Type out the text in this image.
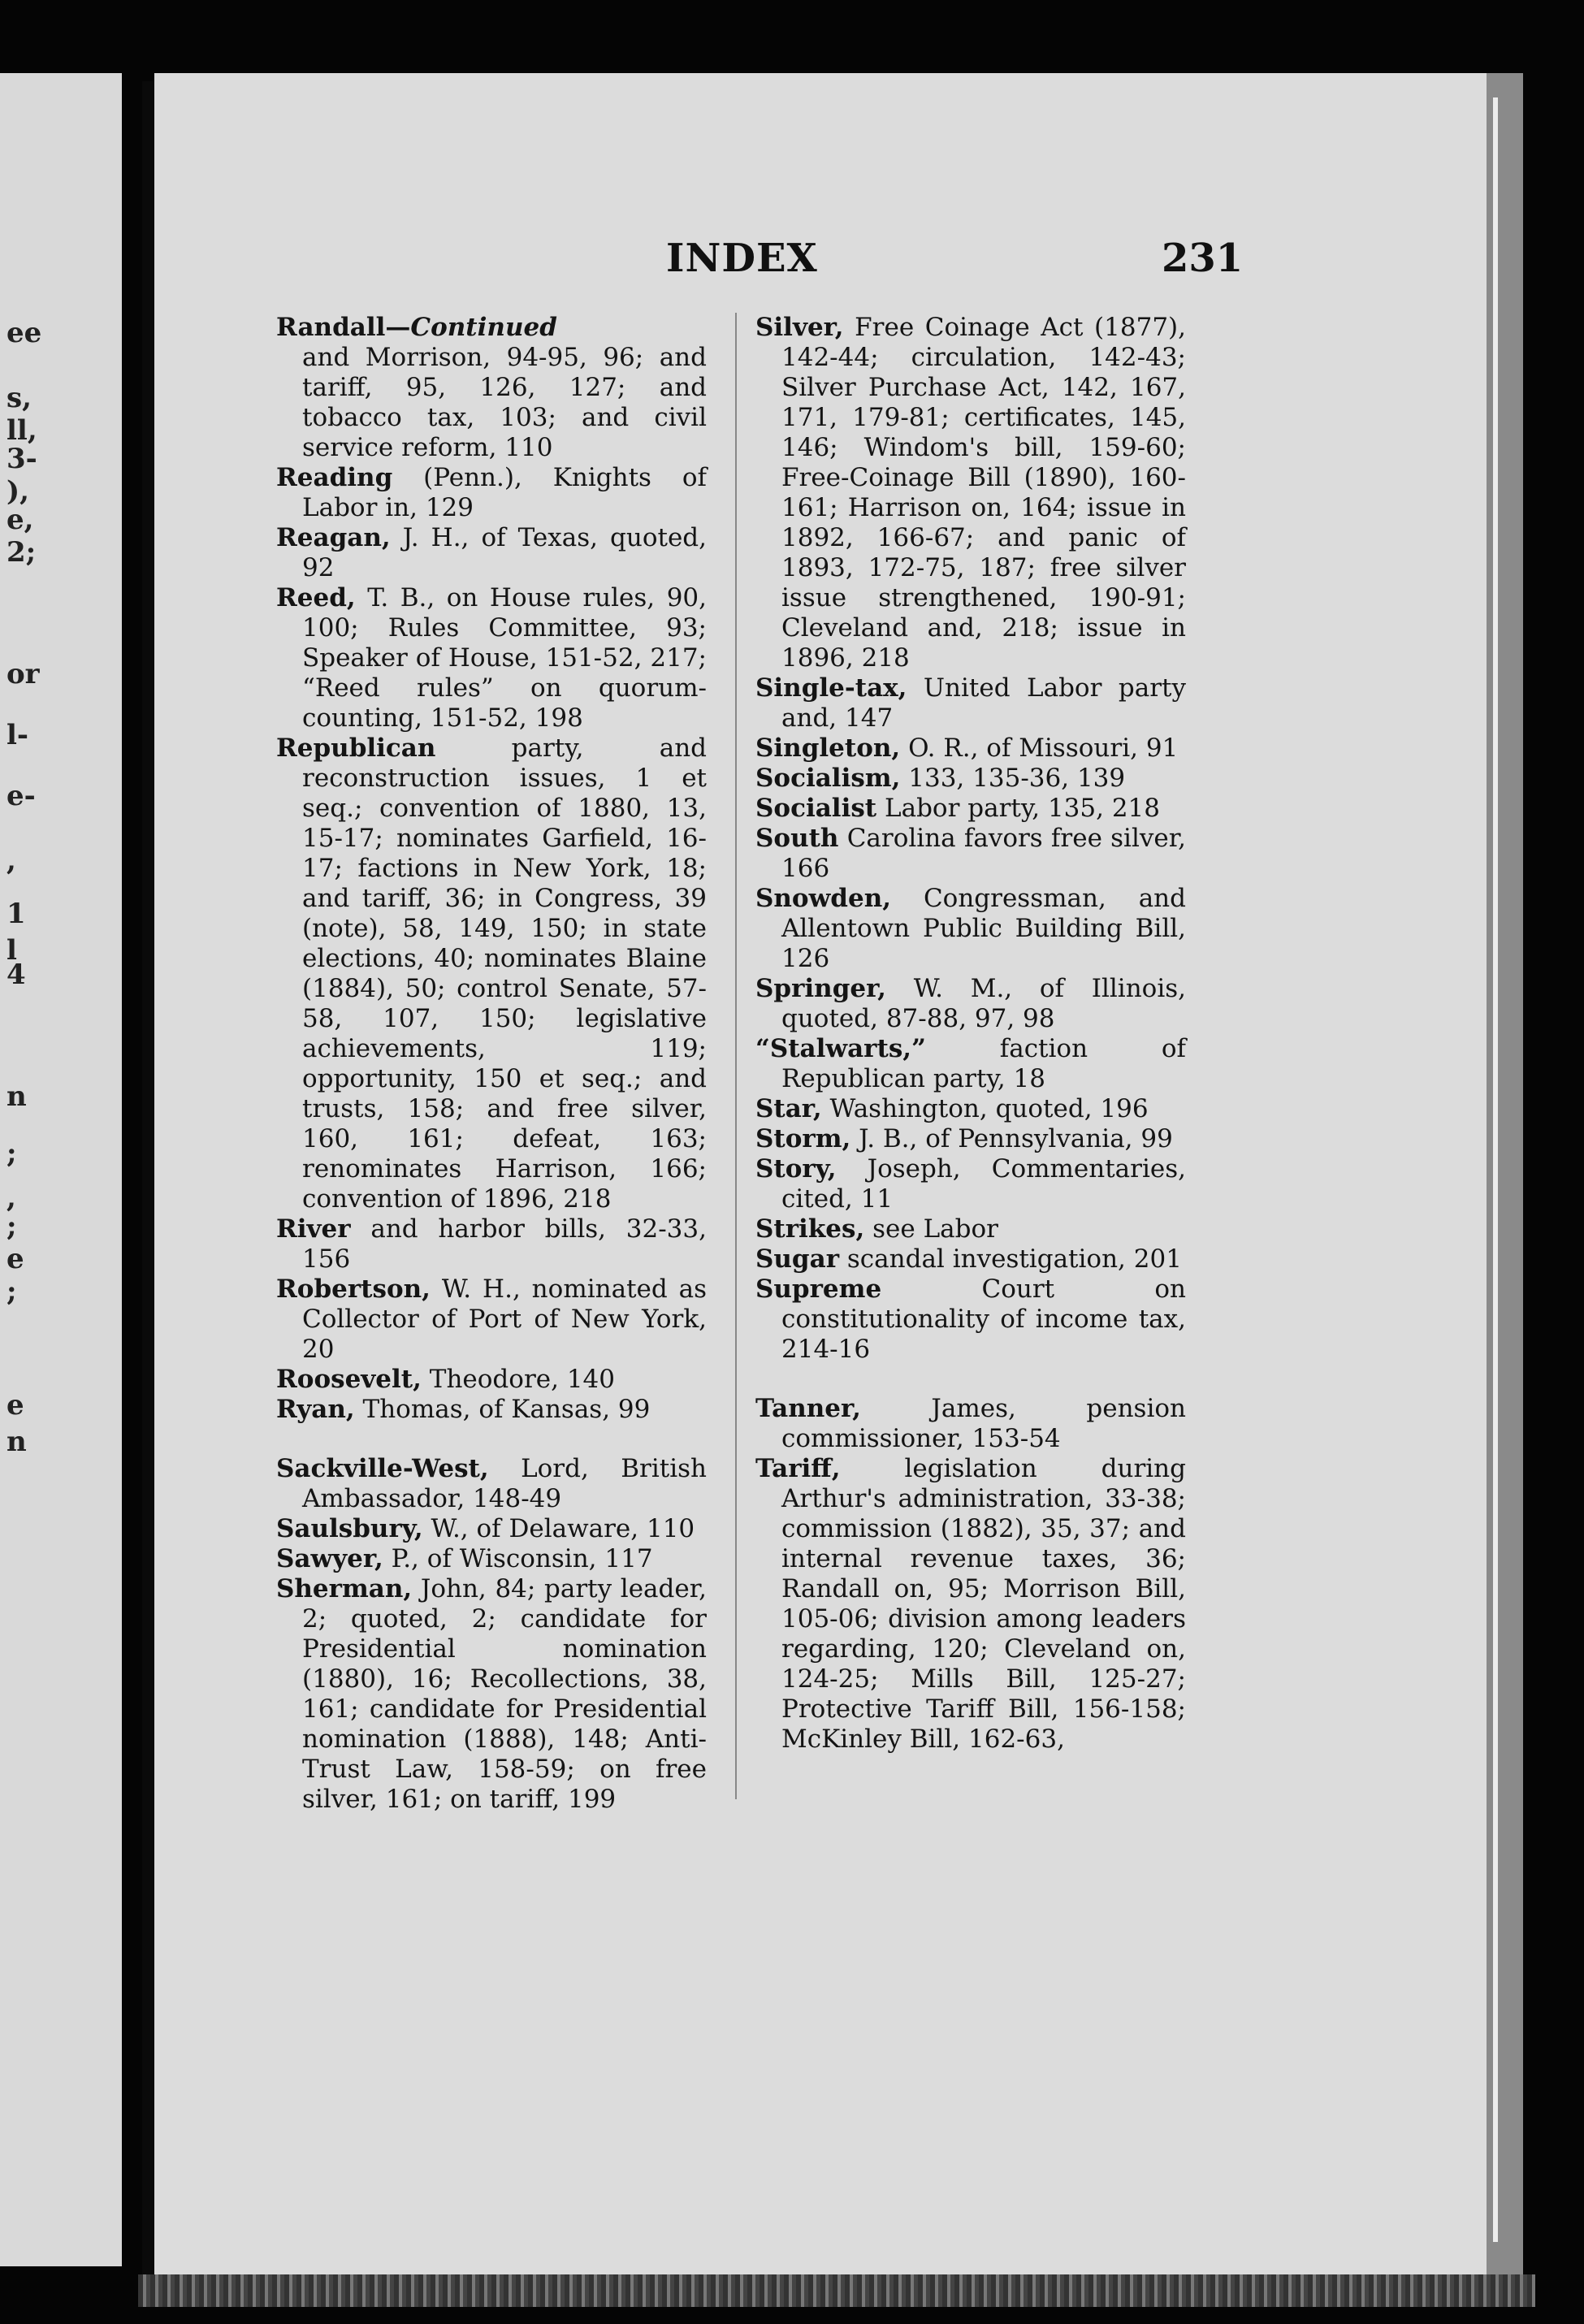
ee
s,
ll,
3-
),
e,
2;
or
l-
e-
,
1
l
4
n
;
,
;
e
;
e
n
INDEX	231

Randall—Continued

and Morrison, 94-95, 96; and tariff, 95, 126, 127; and tobacco tax, 103; and civil service reform, 110

Reading (Penn.), Knights of Labor in, 129

Reagan, J. H., of Texas, quoted, 92

Reed, T. B., on House rules, 90, 100; Rules Committee, 93; Speaker of House, 151-52, 217; “Reed rules” on quorum-counting, 151-52, 198

Republican	party, and reconstruction issues, 1 et seq.; convention of 1880, 13, 15-17; nominates Garfield, 16-17; factions in New York, 18; and tariff, 36; in Congress, 39 (note), 58, 149, 150; in state elections, 40; nominates Blaine (1884), 50; control Senate, 57-58, 107, 150; legislative achievements, 119; opportunity, 150 et seq.; and trusts, 158; and free silver, 160, 161; defeat, 163; renominates Harrison, 166; convention of 1896, 218

River and harbor bills, 32-33, 156

Robertson, W. H., nominated as Collector of Port of New York, 20

Roosevelt, Theodore, 140

Ryan, Thomas, of Kansas, 99

Sackville-West, Lord, British Ambassador, 148-49

Saulsbury, W., of Delaware, 110

Sawyer, P., of Wisconsin, 117

Sherman, John, 84; party leader, 2; quoted, 2; candidate for Presidential nomination (1880), 16; Recollections, 38, 161; candidate for Presidential nomination (1888), 148; Anti-Trust Law, 158-59; on free silver, 161; on tariff, 199

Silver, Free Coinage Act (1877), 142-44; circulation, 142-43; Silver Purchase Act, 142, 167, 171, 179-81; certificates, 145, 146; Windom's bill, 159-60; Free-Coinage Bill (1890), 160-161; Harrison on, 164; issue in 1892, 166-67; and panic of 1893, 172-75, 187; free silver issue strengthened, 190-91; Cleveland and, 218; issue in 1896, 218

Single-tax, United Labor party and, 147

Singleton, O. R., of Missouri, 91

Socialism, 133, 135-36, 139

Socialist Labor party, 135, 218

South Carolina favors free silver, 166

Snowden, Congressman, and Allentown Public Building Bill, 126

Springer, W. M., of Illinois, quoted, 87-88, 97, 98

“Stalwarts,”	faction of Republican party, 18

Star, Washington, quoted, 196

Storm, J. B., of Pennsylvania, 99

Story, Joseph, Commentaries, cited, 11

Strikes, see Labor

Sugar scandal investigation, 201

Supreme	Court on constitutionality of income tax, 214-16

Tanner,	James, pension commissioner, 153-54

Tariff,	legislation during Arthur's administration, 33-38; commission (1882), 35, 37; and internal revenue taxes, 36; Randall on, 95; Morrison Bill, 105-06; division among leaders regarding, 120; Cleveland on, 124-25; Mills Bill, 125-27; Protective Tariff Bill, 156-158; McKinley Bill, 162-63,
